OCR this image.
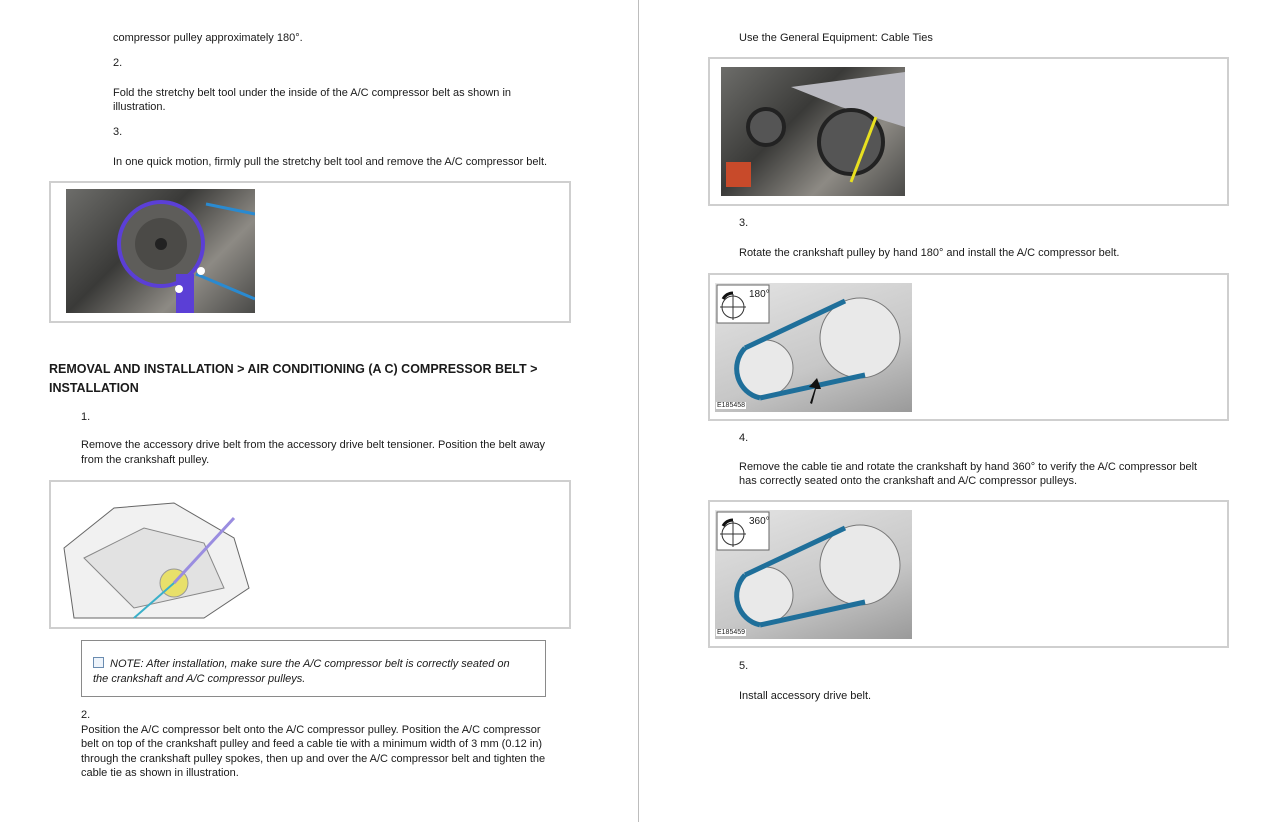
compressor pulley approximately 180°.
2.
Fold the stretchy belt tool under the inside of the A/C compressor belt as shown in
illustration.
3.
In one quick motion, firmly pull the stretchy belt tool and remove the A/C compressor belt.
REMOVAL AND INSTALLATION > AIR CONDITIONING (A C) COMPRESSOR BELT >
INSTALLATION
1.
Remove the accessory drive belt from the accessory drive belt tensioner. Position the belt away
from the crankshaft pulley.
NOTE: After installation, make sure the A/C compressor belt is correctly seated on
the crankshaft and A/C compressor pulleys.
2.
Position the A/C compressor belt onto the A/C compressor pulley. Position the A/C compressor
belt on top of the crankshaft pulley and feed a cable tie with a minimum width of 3 mm (0.12 in)
through the crankshaft pulley spokes, then up and over the A/C compressor belt and tighten the
cable tie as shown in illustration.
Use the General Equipment: Cable Ties
3.
Rotate the crankshaft pulley by hand 180° and install the A/C compressor belt.
180°
E185458
4.
Remove the cable tie and rotate the crankshaft by hand 360° to verify the A/C compressor belt
has correctly seated onto the crankshaft and A/C compressor pulleys.
360°
E185459
5.
Install accessory drive belt.
